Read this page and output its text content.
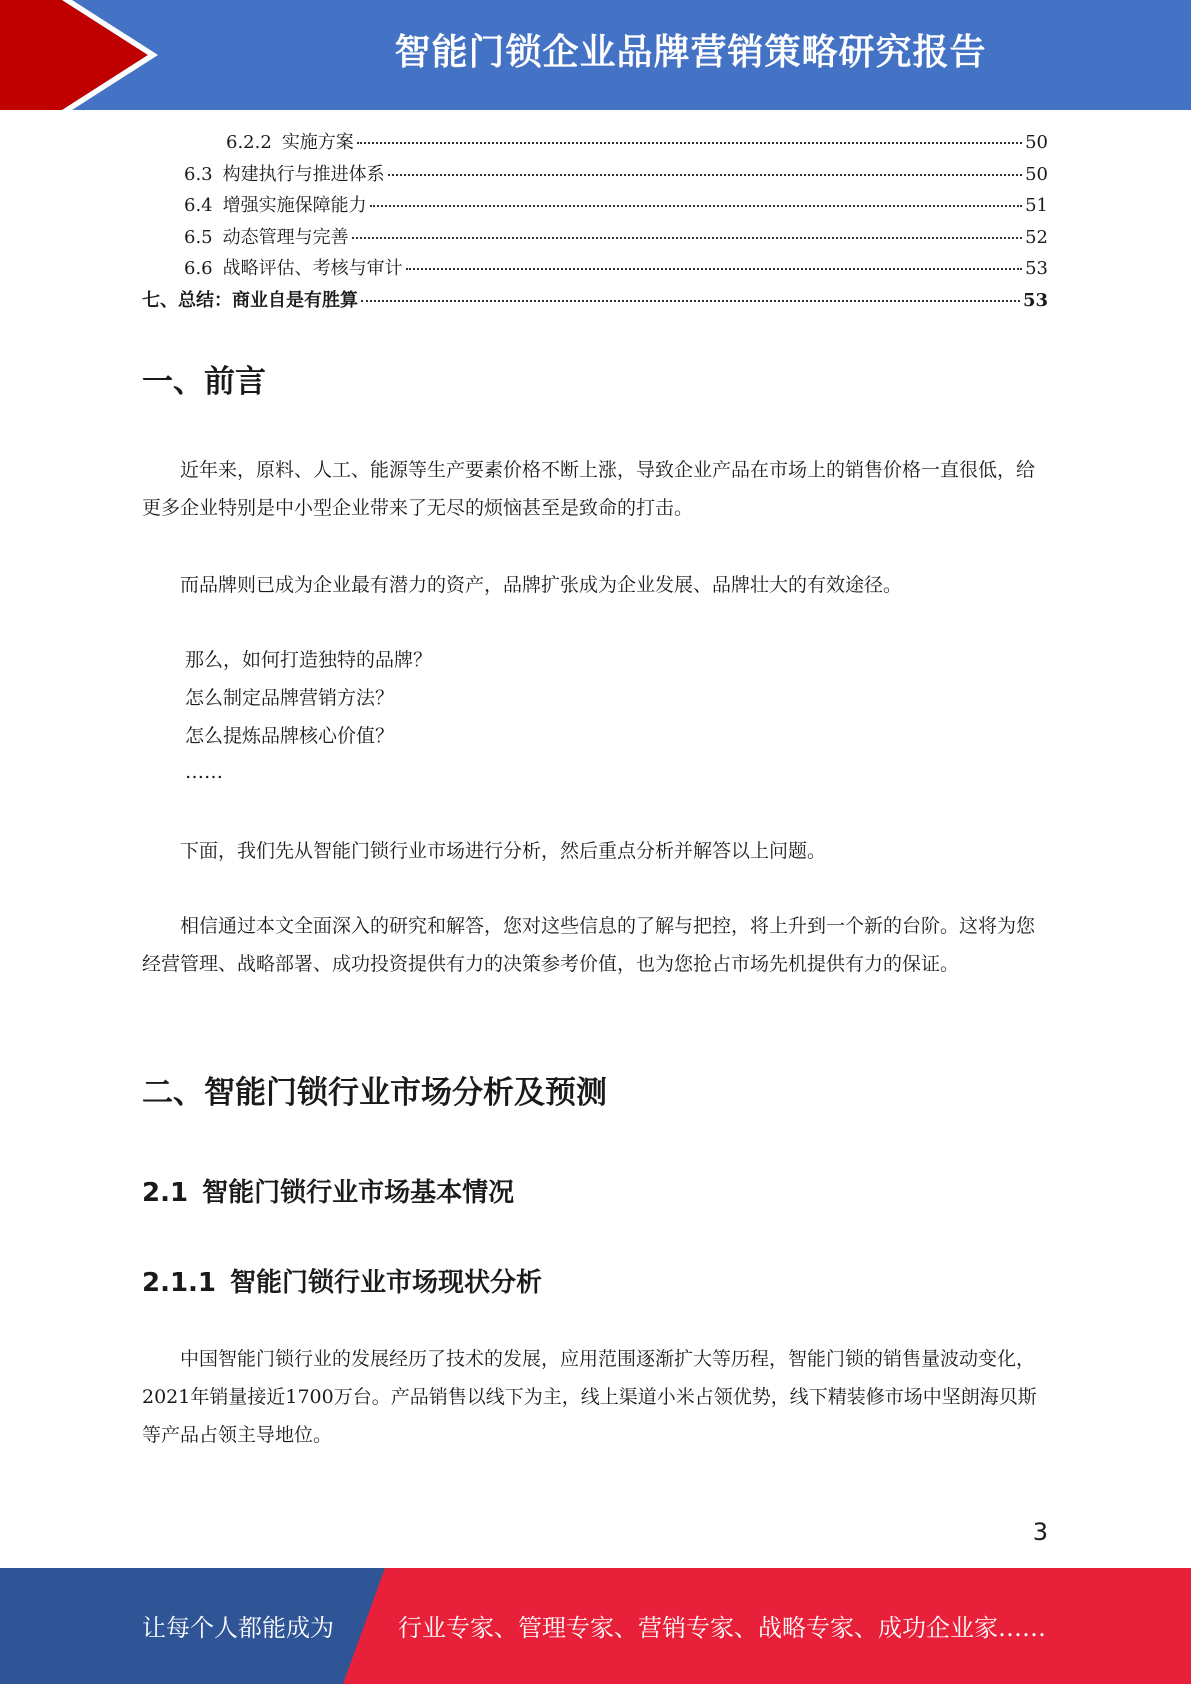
智能门锁企业品牌营销策略研究报告
6.2.2 实施方案	50
6.3 构建执行与推进体系	50
6.4 增强实施保障能力	51
6.5 动态管理与完善	52
6.6 战略评估、考核与审计	53
七、总结：商业自是有胜算	53
一、前言

近年来，原料、人工、能源等生产要素价格不断上涨，导致企业产品在市场上的销售价格一直很低，给更多企业特别是中小型企业带来了无尽的烦恼甚至是致命的打击。

而品牌则已成为企业最有潜力的资产，品牌扩张成为企业发展、品牌壮大的有效途径。

那么，如何打造独特的品牌？
怎么制定品牌营销方法？
怎么提炼品牌核心价值？
……

下面，我们先从智能门锁行业市场进行分析，然后重点分析并解答以上问题。

相信通过本文全面深入的研究和解答，您对这些信息的了解与把控，将上升到一个新的台阶。这将为您经营管理、战略部署、成功投资提供有力的决策参考价值，也为您抢占市场先机提供有力的保证。

二、智能门锁行业市场分析及预测
2.1 智能门锁行业市场基本情况
2.1.1 智能门锁行业市场现状分析

中国智能门锁行业的发展经历了技术的发展，应用范围逐渐扩大等历程，智能门锁的销售量波动变化，2021年销量接近1700万台。产品销售以线下为主，线上渠道小米占领优势，线下精装修市场中坚朗海贝斯等产品占领主导地位。

3
让每个人都能成为	行业专家、管理专家、营销专家、战略专家、成功企业家……
